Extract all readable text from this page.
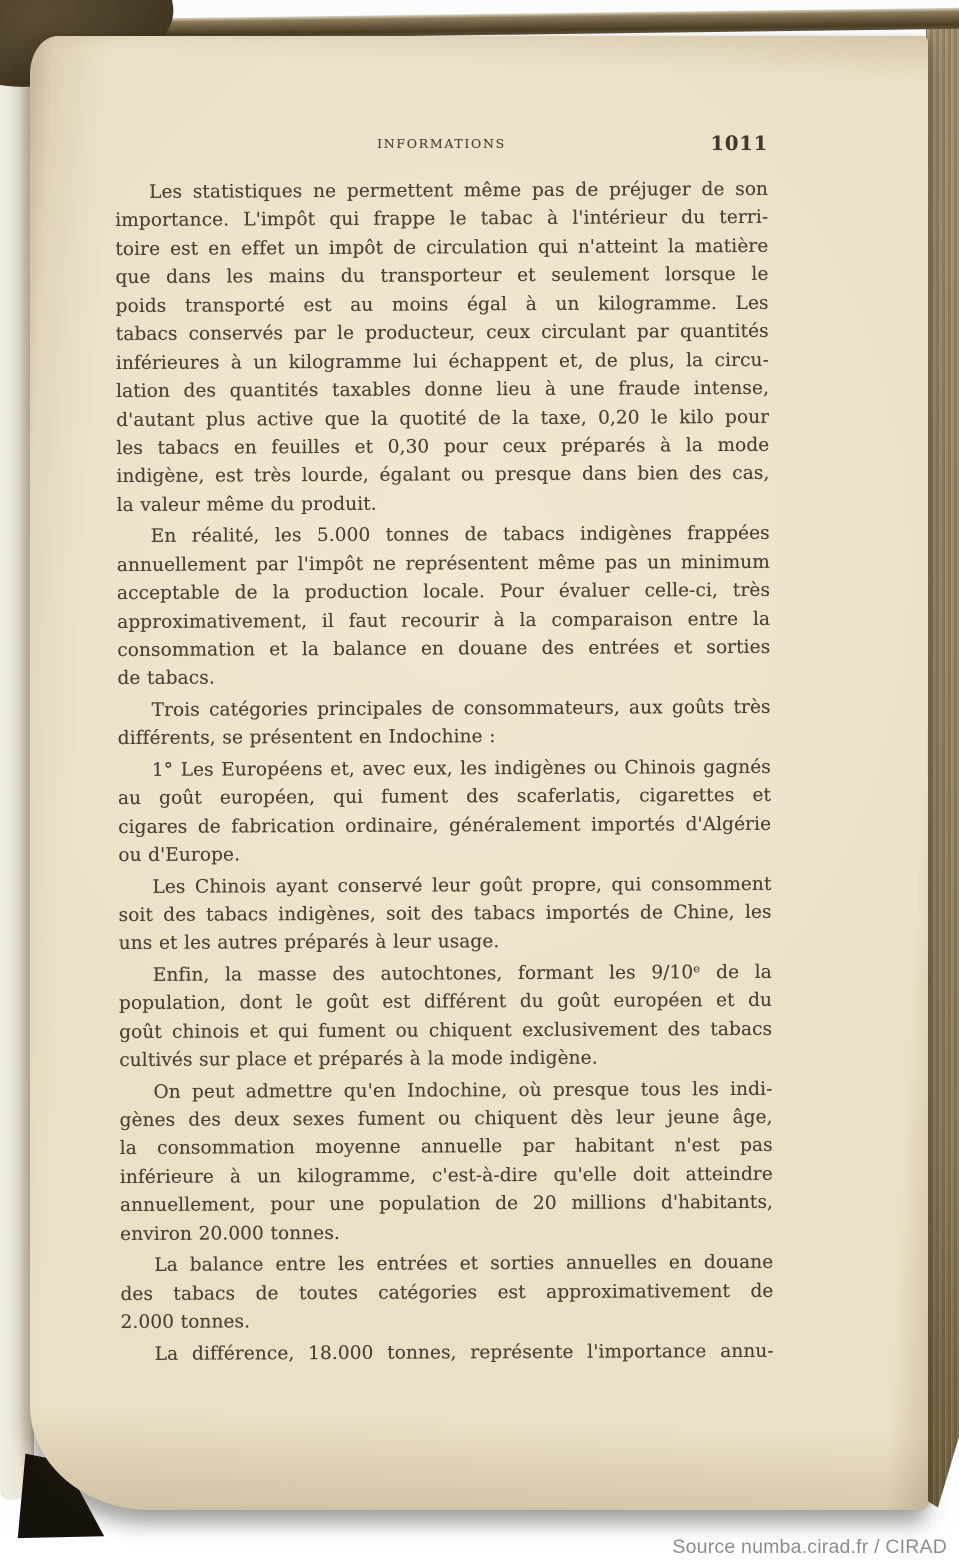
INFORMATIONS	1011
Les statistiques ne permettent même pas de préjuger de son
importance. L'impôt qui frappe le tabac à l'intérieur du terri-
toire est en effet un impôt de circulation qui n'atteint la matière
que dans les mains du transporteur et seulement lorsque le
poids transporté est au moins égal à un kilogramme. Les
tabacs conservés par le producteur, ceux circulant par quantités
inférieures à un kilogramme lui échappent et, de plus, la circu-
lation des quantités taxables donne lieu à une fraude intense,
d'autant plus active que la quotité de la taxe, 0,20 le kilo pour
les tabacs en feuilles et 0,30 pour ceux préparés à la mode
indigène, est très lourde, égalant ou presque dans bien des cas,
la valeur même du produit.
En réalité, les 5.000 tonnes de tabacs indigènes frappées
annuellement par l'impôt ne représentent même pas un minimum
acceptable de la production locale. Pour évaluer celle-ci, très
approximativement, il faut recourir à la comparaison entre la
consommation et la balance en douane des entrées et sorties
de tabacs.
Trois catégories principales de consommateurs, aux goûts très
différents, se présentent en Indochine :
1° Les Européens et, avec eux, les indigènes ou Chinois gagnés
au goût européen, qui fument des scaferlatis, cigarettes et
cigares de fabrication ordinaire, généralement importés d'Algérie
ou d'Europe.
Les Chinois ayant conservé leur goût propre, qui consomment
soit des tabacs indigènes, soit des tabacs importés de Chine, les
uns et les autres préparés à leur usage.
Enfin, la masse des autochtones, formant les 9/10ᵉ de la
population, dont le goût est différent du goût européen et du
goût chinois et qui fument ou chiquent exclusivement des tabacs
cultivés sur place et préparés à la mode indigène.
On peut admettre qu'en Indochine, où presque tous les indi-
gènes des deux sexes fument ou chiquent dès leur jeune âge,
la consommation moyenne annuelle par habitant n'est pas
inférieure à un kilogramme, c'est-à-dire qu'elle doit atteindre
annuellement, pour une population de 20 millions d'habitants,
environ 20.000 tonnes.
La balance entre les entrées et sorties annuelles en douane
des tabacs de toutes catégories est approximativement de
2.000 tonnes.
La différence, 18.000 tonnes, représente l'importance annu-
Source numba.cirad.fr / CIRAD
